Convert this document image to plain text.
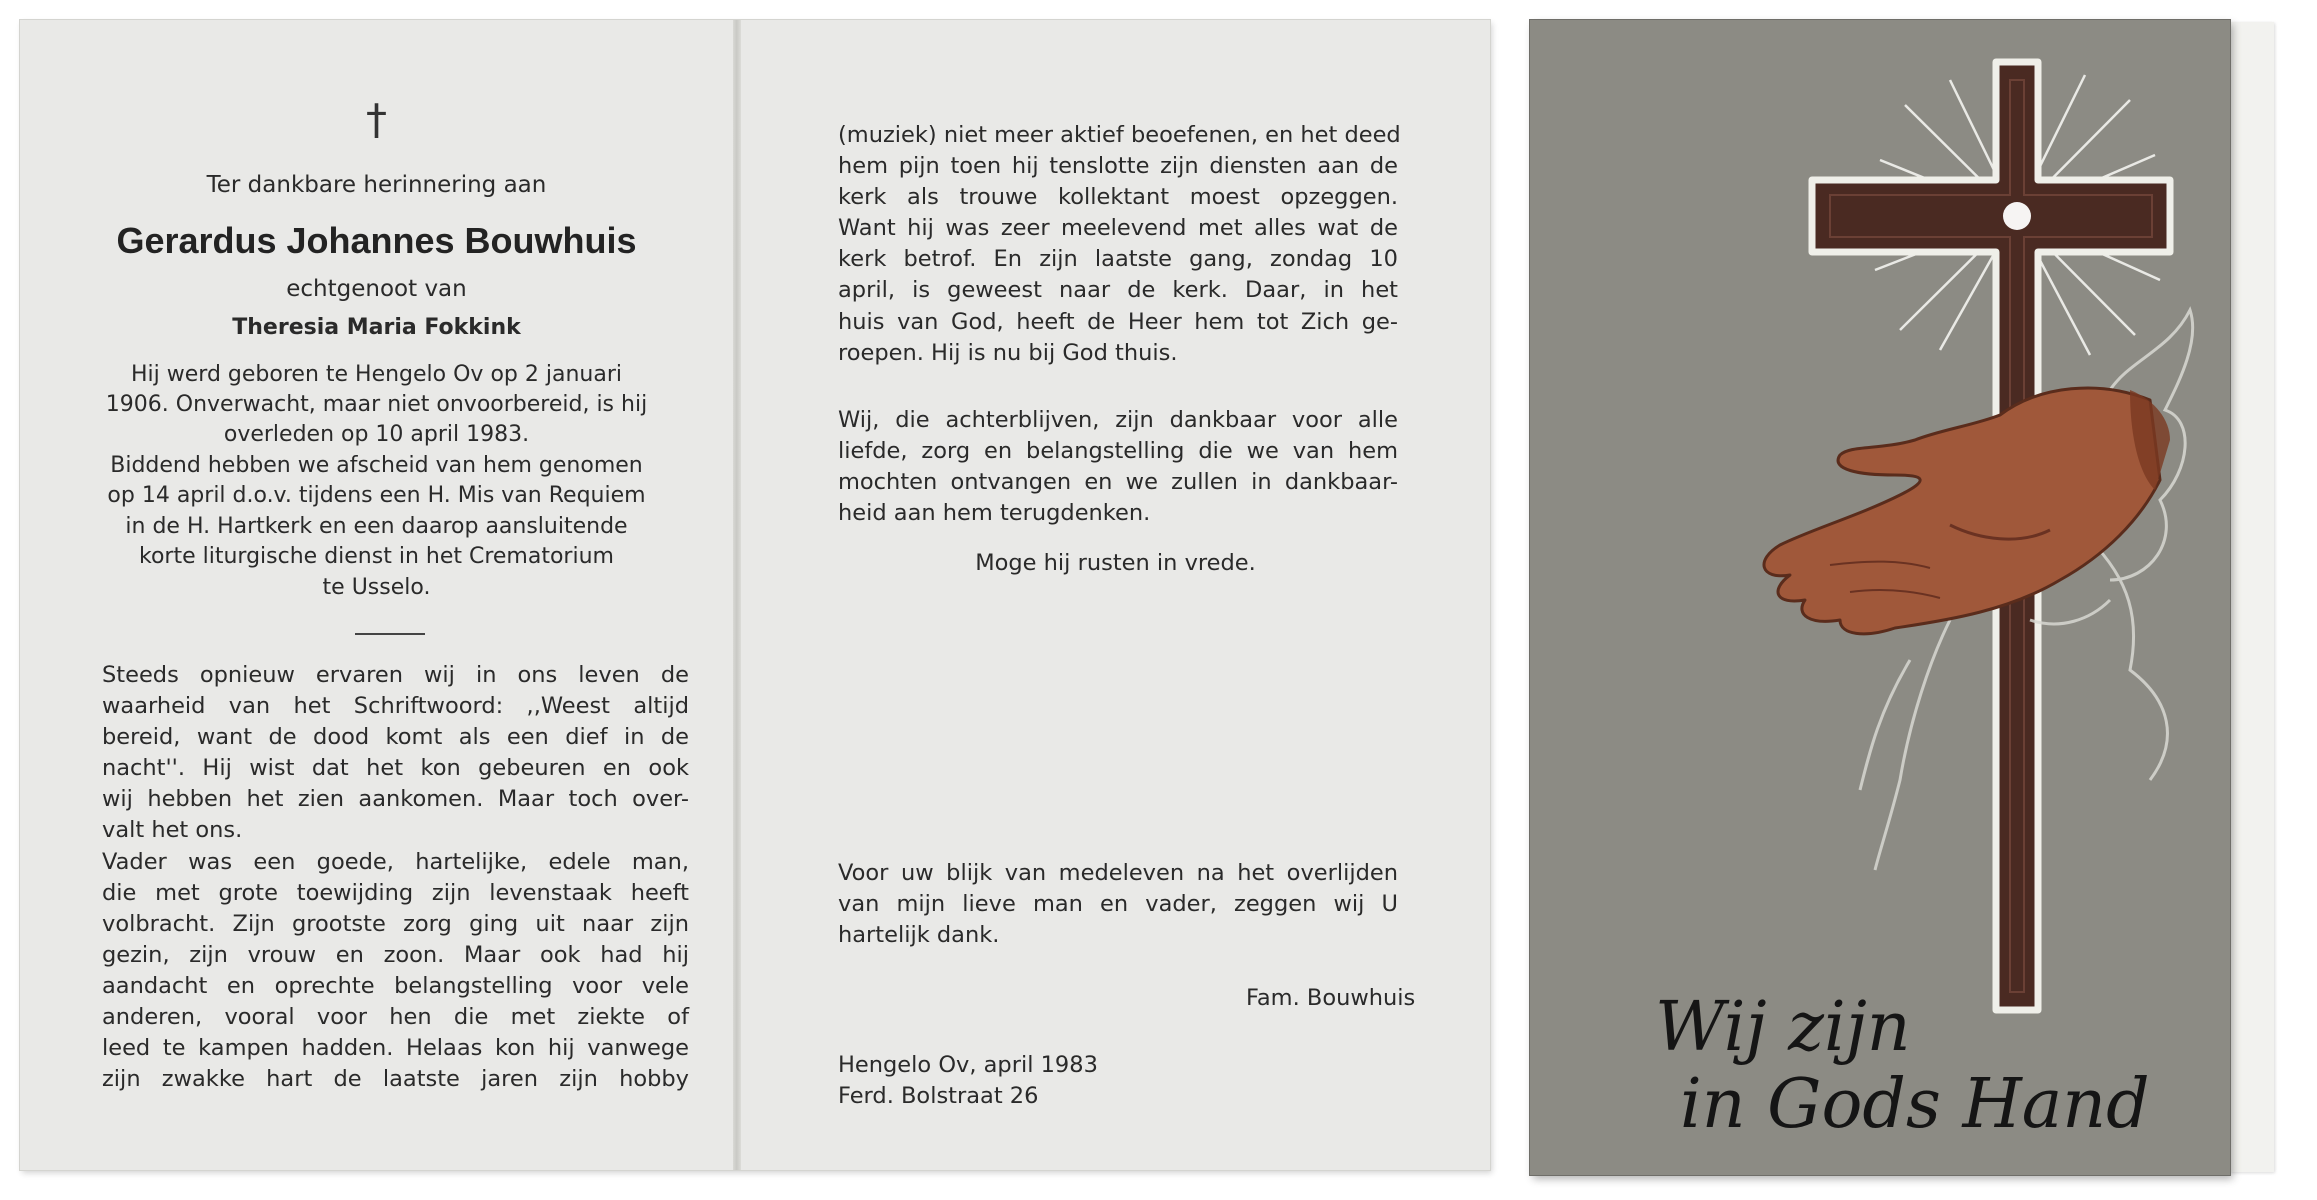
†
Ter dankbare herinnering aan
Gerardus Johannes Bouwhuis
echtgenoot van
Theresia Maria Fokkink
Hij werd geboren te Hengelo Ov op 2 januari
1906. Onverwacht, maar niet onvoorbereid, is hij
overleden op 10 april 1983.
Biddend hebben we afscheid van hem genomen
op 14 april d.o.v. tijdens een H. Mis van Requiem
in de H. Hartkerk en een daarop aansluitende
korte liturgische dienst in het Crematorium
te Usselo.
Steeds opnieuw ervaren wij in ons leven de
waarheid van het Schriftwoord: ,,Weest altijd
bereid, want de dood komt als een dief in de
nacht''. Hij wist dat het kon gebeuren en ook
wij hebben het zien aankomen. Maar toch over-
valt het ons.
Vader was een goede, hartelijke, edele man,
die met grote toewijding zijn levenstaak heeft
volbracht. Zijn grootste zorg ging uit naar zijn
gezin, zijn vrouw en zoon. Maar ook had hij
aandacht en oprechte belangstelling voor vele
anderen, vooral voor hen die met ziekte of
leed te kampen hadden. Helaas kon hij vanwege
zijn zwakke hart de laatste jaren zijn hobby
(muziek) niet meer aktief beoefenen, en het deed
hem pijn toen hij tenslotte zijn diensten aan de
kerk als trouwe kollektant moest opzeggen.
Want hij was zeer meelevend met alles wat de
kerk betrof. En zijn laatste gang, zondag 10
april, is geweest naar de kerk. Daar, in het
huis van God, heeft de Heer hem tot Zich ge-
roepen. Hij is nu bij God thuis.
Wij, die achterblijven, zijn dankbaar voor alle
liefde, zorg en belangstelling die we van hem
mochten ontvangen en we zullen in dankbaar-
heid aan hem terugdenken.
Moge hij rusten in vrede.
Voor uw blijk van medeleven na het overlijden
van mijn lieve man en vader, zeggen wij U
hartelijk dank.
Fam. Bouwhuis
Hengelo Ov, april 1983
Ferd. Bolstraat 26
Wij zijn
in Gods Hand
